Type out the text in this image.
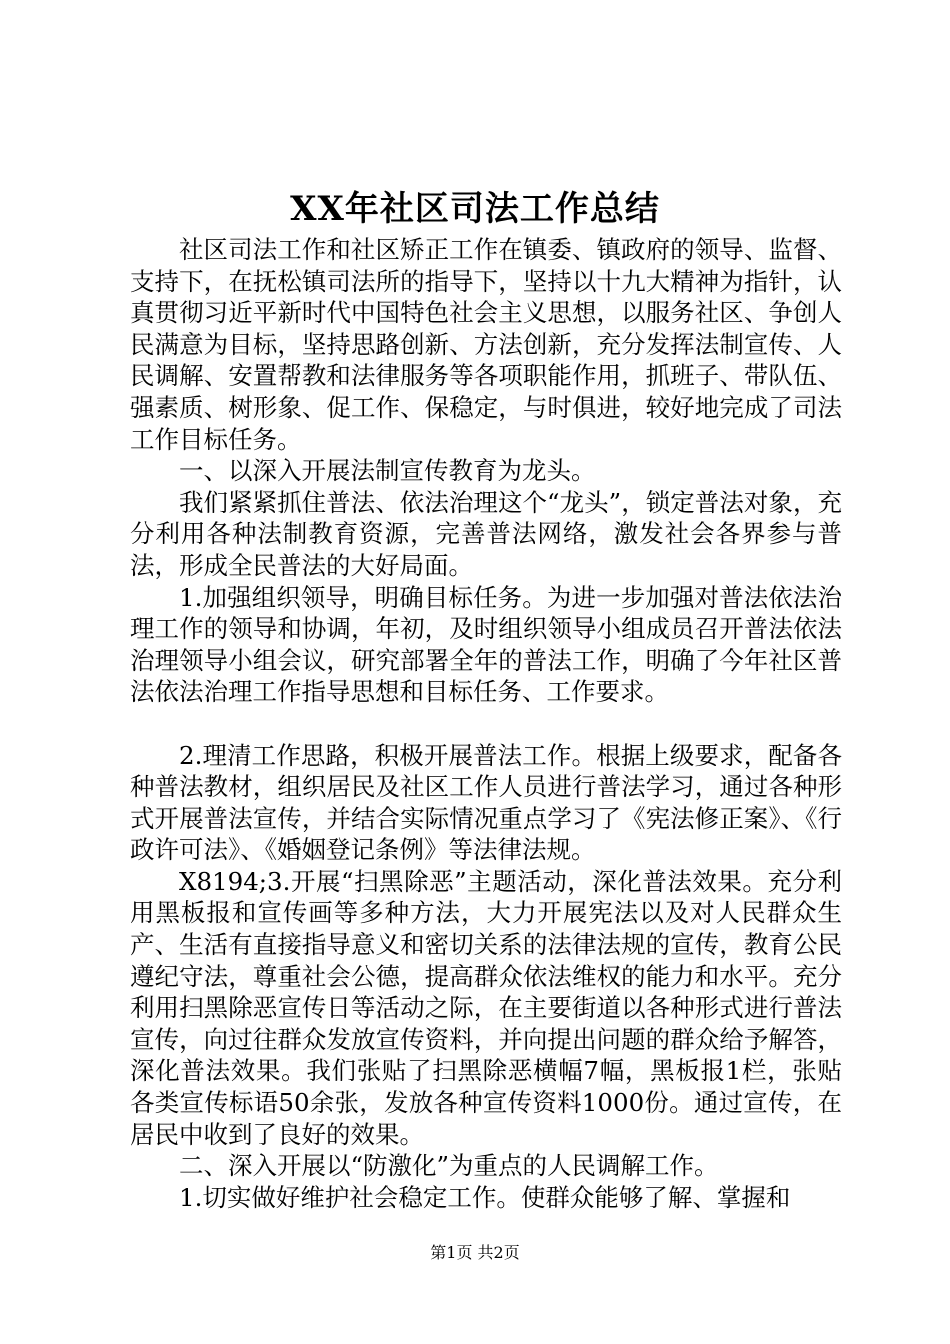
XX年社区司法工作总结

社区司法工作和社区矫正工作在镇委、镇政府的领导、监督、支持下，在抚松镇司法所的指导下，坚持以十九大精神为指针，认真贯彻习近平新时代中国特色社会主义思想，以服务社区、争创人民满意为目标，坚持思路创新、方法创新，充分发挥法制宣传、人民调解、安置帮教和法律服务等各项职能作用，抓班子、带队伍、强素质、树形象、促工作、保稳定，与时俱进，较好地完成了司法工作目标任务。

一、以深入开展法制宣传教育为龙头。

我们紧紧抓住普法、依法治理这个“龙头”，锁定普法对象，充分利用各种法制教育资源，完善普法网络，激发社会各界参与普法，形成全民普法的大好局面。

1.加强组织领导，明确目标任务。为进一步加强对普法依法治理工作的领导和协调，年初，及时组织领导小组成员召开普法依法治理领导小组会议，研究部署全年的普法工作，明确了今年社区普法依法治理工作指导思想和目标任务、工作要求。

2.理清工作思路，积极开展普法工作。根据上级要求，配备各种普法教材，组织居民及社区工作人员进行普法学习，通过各种形式开展普法宣传，并结合实际情况重点学习了《宪法修正案》、《行政许可法》、《婚姻登记条例》等法律法规。

X8194;3.开展“扫黑除恶”主题活动，深化普法效果。充分利用黑板报和宣传画等多种方法，大力开展宪法以及对人民群众生产、生活有直接指导意义和密切关系的法律法规的宣传，教育公民遵纪守法，尊重社会公德，提高群众依法维权的能力和水平。充分利用扫黑除恶宣传日等活动之际，在主要街道以各种形式进行普法宣传，向过往群众发放宣传资料，并向提出问题的群众给予解答，深化普法效果。我们张贴了扫黑除恶横幅7幅，黑板报1栏，张贴各类宣传标语50余张，发放各种宣传资料1000份。通过宣传，在居民中收到了良好的效果。

二、深入开展以“防激化”为重点的人民调解工作。

1.切实做好维护社会稳定工作。使群众能够了解、掌握和

第1页 共2页
